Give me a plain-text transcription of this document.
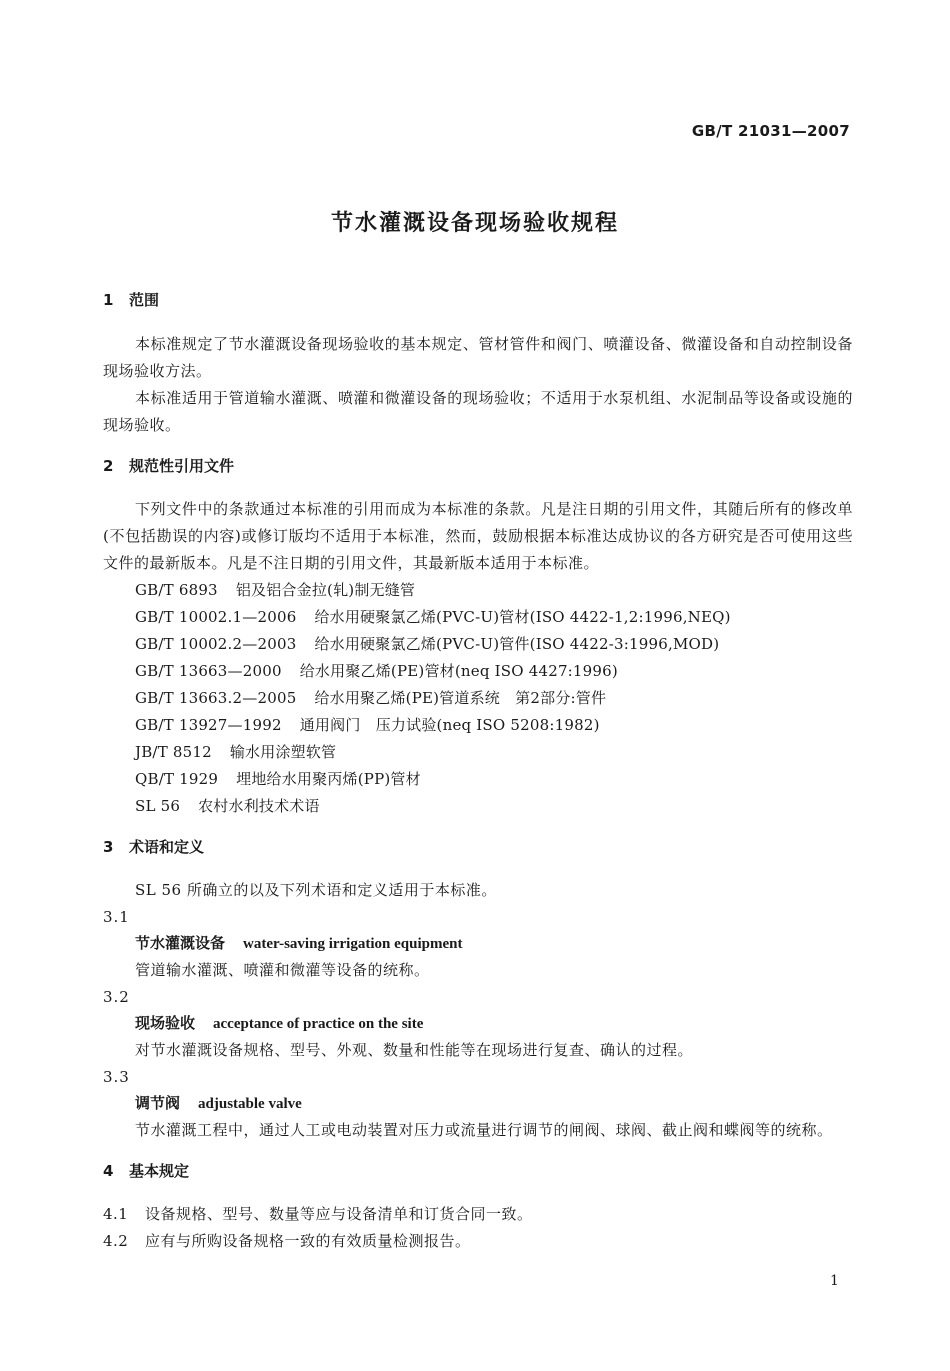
GB/T 21031—2007
节水灌溉设备现场验收规程
1 范围
本标准规定了节水灌溉设备现场验收的基本规定、管材管件和阀门、喷灌设备、微灌设备和自动控制设备现场验收方法。
本标准适用于管道输水灌溉、喷灌和微灌设备的现场验收；不适用于水泵机组、水泥制品等设备或设施的现场验收。
2 规范性引用文件
下列文件中的条款通过本标准的引用而成为本标准的条款。凡是注日期的引用文件，其随后所有的修改单(不包括勘误的内容)或修订版均不适用于本标准，然而，鼓励根据本标准达成协议的各方研究是否可使用这些文件的最新版本。凡是不注日期的引用文件，其最新版本适用于本标准。
GB/T 6893 铝及铝合金拉(轧)制无缝管
GB/T 10002.1—2006 给水用硬聚氯乙烯(PVC-U)管材(ISO 4422-1,2:1996,NEQ)
GB/T 10002.2—2003 给水用硬聚氯乙烯(PVC-U)管件(ISO 4422-3:1996,MOD)
GB/T 13663—2000 给水用聚乙烯(PE)管材(neq ISO 4427:1996)
GB/T 13663.2—2005 给水用聚乙烯(PE)管道系统　第2部分:管件
GB/T 13927—1992 通用阀门　压力试验(neq ISO 5208:1982)
JB/T 8512 输水用涂塑软管
QB/T 1929 埋地给水用聚丙烯(PP)管材
SL 56 农村水利技术术语
3 术语和定义
SL 56 所确立的以及下列术语和定义适用于本标准。
3.1
节水灌溉设备 water-saving irrigation equipment
管道输水灌溉、喷灌和微灌等设备的统称。
3.2
现场验收 acceptance of practice on the site
对节水灌溉设备规格、型号、外观、数量和性能等在现场进行复查、确认的过程。
3.3
调节阀 adjustable valve
节水灌溉工程中，通过人工或电动装置对压力或流量进行调节的闸阀、球阀、截止阀和蝶阀等的统称。
4 基本规定
4.1 设备规格、型号、数量等应与设备清单和订货合同一致。
4.2 应有与所购设备规格一致的有效质量检测报告。
1
